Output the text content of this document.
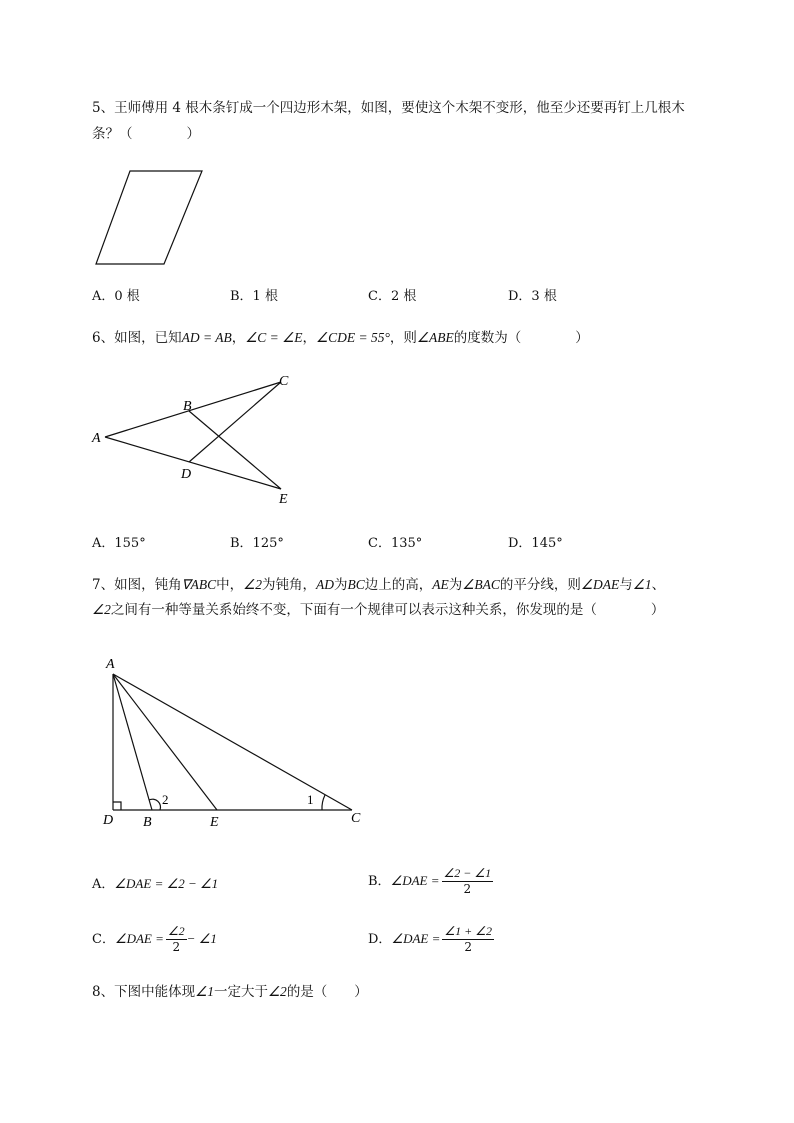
5、王师傅用 4 根木条钉成一个四边形木架，如图，要使这个木架不变形，他至少还要再钉上几根木
条？（　　　　）
A．0 根	B．1 根	C．2 根	D．3 根
6、如图，已知AD = AB，∠C = ∠E，∠CDE = 55°，则∠ABE的度数为（　　　　）
A
B
C
D
E
A．155°	B．125°	C．135°	D．145°
7、如图，钝角∇ABC中，∠2为钝角，AD为BC边上的高，AE为∠BAC的平分线，则∠DAE与∠1、
∠2之间有一种等量关系始终不变，下面有一个规律可以表示这种关系，你发现的是（　　　　）
A
D B	E	C
2	1
A．∠DAE = ∠2 − ∠1	B．∠DAE = $\frac{\angle 2 - \angle 1}{2}$
C．∠DAE = $\frac{\angle 2}{2}$ − ∠1	D．∠DAE = $\frac{\angle 1 + \angle 2}{2}$
8、下图中能体现∠1一定大于∠2的是（　　）
